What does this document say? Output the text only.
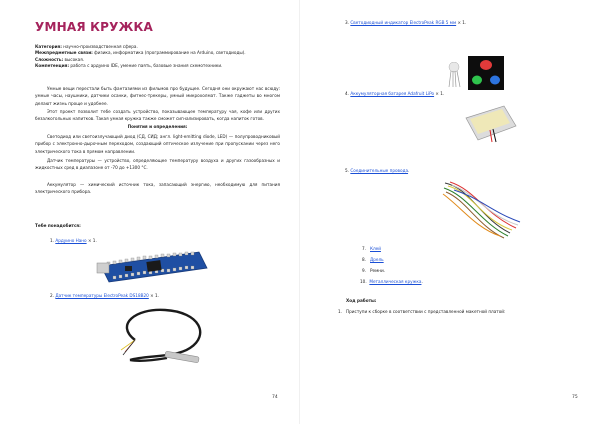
УМНАЯ КРУЖКА
Категория: научно-производственная сфера.
Межпредметные связи: физика, информатика (программирование на Arduino, светодиоды).
Сложность: высокая.
Компетенция: работа с ардуино IDE, умение паять, базовые знания схемотехники.
Умные вещи перестали быть фантазиями из фильмов про будущее. Сегодня они окружают нас всюду: умные часы, наушники, датчики осанки, фитнес-трекеры, умный микрохолмат. Также гаджеты во многом делают жизнь проще и удобнее.
Этот проект позволит тебе создать устройство, показывающее температуру чая, кофе или других безалкогольных напитков. Такая умная кружка также сможет сигнализировать, когда напиток готов.
Понятия и определения:
Светодиод или светоизлучающий диод (СД, СИД; англ. light-emitting diode, LED) — полупроводниковый прибор с электронно-дырочным переходом, создающий оптическое излучение при пропускании через него электрического тока в прямом направлении.
Датчик температуры — устройство, определяющее температуру воздуха и других газообразных и жидкостных сред в диапазоне от -70 до +1300 °С.
Аккумулятор — химический источник тока, запасающий энергию, необходимую для питания электрического прибора.
Тебе понадобится:
1. Ардуино Нано × 1.
2. Датчик температуры ElectroPeak DS18B20 × 1.
74
3. Светодиодный индикатор ElectroPeak RGB 5 мм × 1.
4. Аккумуляторная батарея Adafruit LiPo × 1.
5. Соединительные провода.
7. Клей
8. Дрель
9. Ремни.
10. Металлическая кружка.
Ход работы:
1. Приступи к сборке в соответствии с представленной макетной платой:
75
